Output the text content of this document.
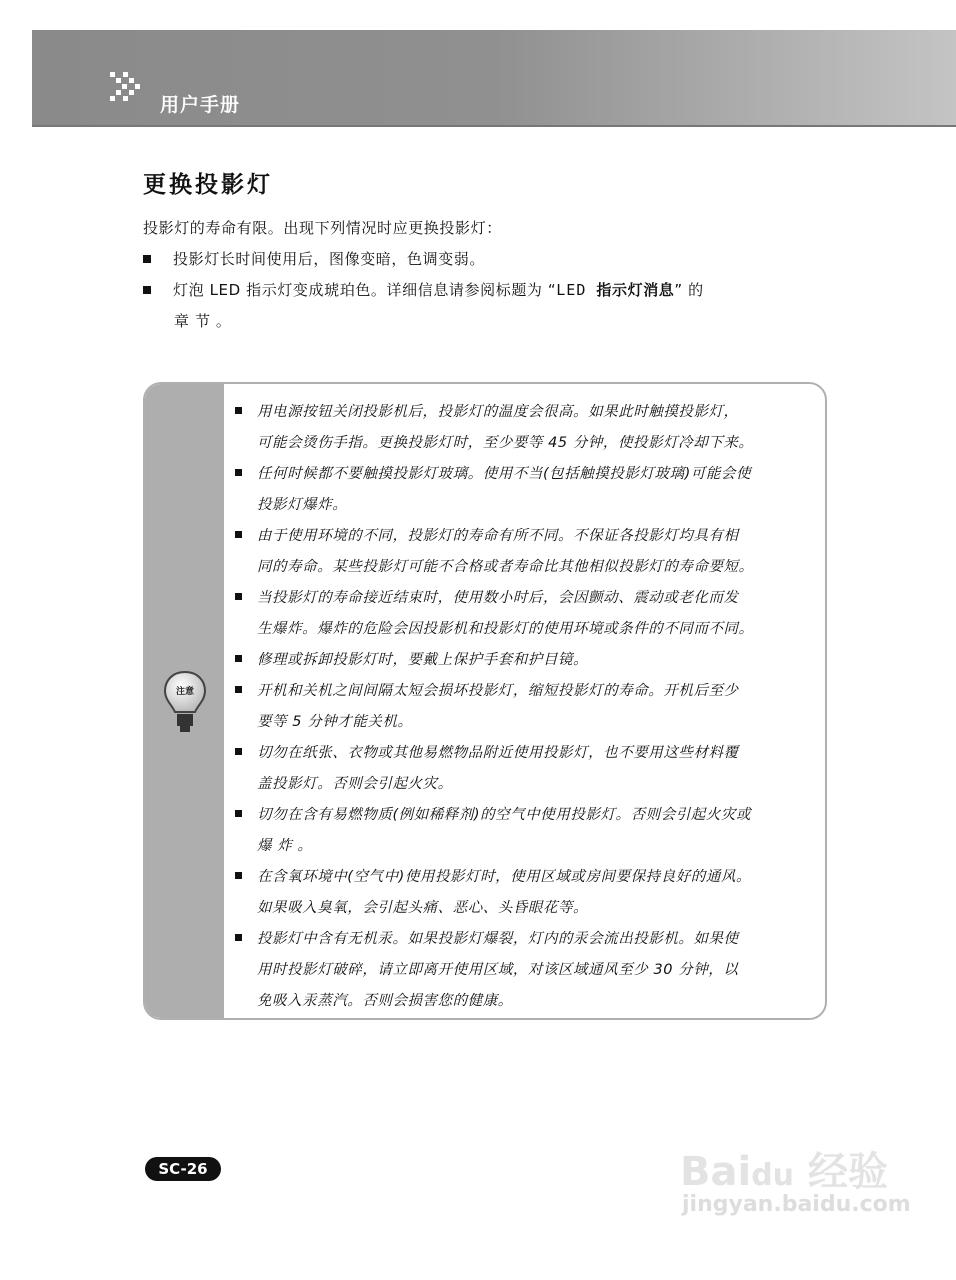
用户手册
更换投影灯
投影灯的寿命有限。出现下列情况时应更换投影灯：
投影灯长时间使用后，图像变暗，色调变弱。
灯泡 LED 指示灯变成琥珀色。详细信息请参阅标题为 “LED 指示灯消息” 的
章 节 。
注意
用电源按钮关闭投影机后，投影灯的温度会很高。如果此时触摸投影灯，
可能会烫伤手指。更换投影灯时，至少要等 45 分钟，使投影灯冷却下来。
任何时候都不要触摸投影灯玻璃。使用不当(包括触摸投影灯玻璃)可能会使
投影灯爆炸。
由于使用环境的不同，投影灯的寿命有所不同。不保证各投影灯均具有相
同的寿命。某些投影灯可能不合格或者寿命比其他相似投影灯的寿命要短。
当投影灯的寿命接近结束时，使用数小时后，会因颤动、震动或老化而发
生爆炸。爆炸的危险会因投影机和投影灯的使用环境或条件的不同而不同。
修理或拆卸投影灯时，要戴上保护手套和护目镜。
开机和关机之间间隔太短会损坏投影灯，缩短投影灯的寿命。开机后至少
要等 5 分钟才能关机。
切勿在纸张、衣物或其他易燃物品附近使用投影灯，也不要用这些材料覆
盖投影灯。否则会引起火灾。
切勿在含有易燃物质(例如稀释剂)的空气中使用投影灯。否则会引起火灾或
爆 炸 。
在含氧环境中(空气中)使用投影灯时，使用区域或房间要保持良好的通风。
如果吸入臭氧，会引起头痛、恶心、头昏眼花等。
投影灯中含有无机汞。如果投影灯爆裂，灯内的汞会流出投影机。如果使
用时投影灯破碎，请立即离开使用区域，对该区域通风至少 30 分钟，以
免吸入汞蒸汽。否则会损害您的健康。
SC-26	Baidu 经验
jingyan.baidu.com
